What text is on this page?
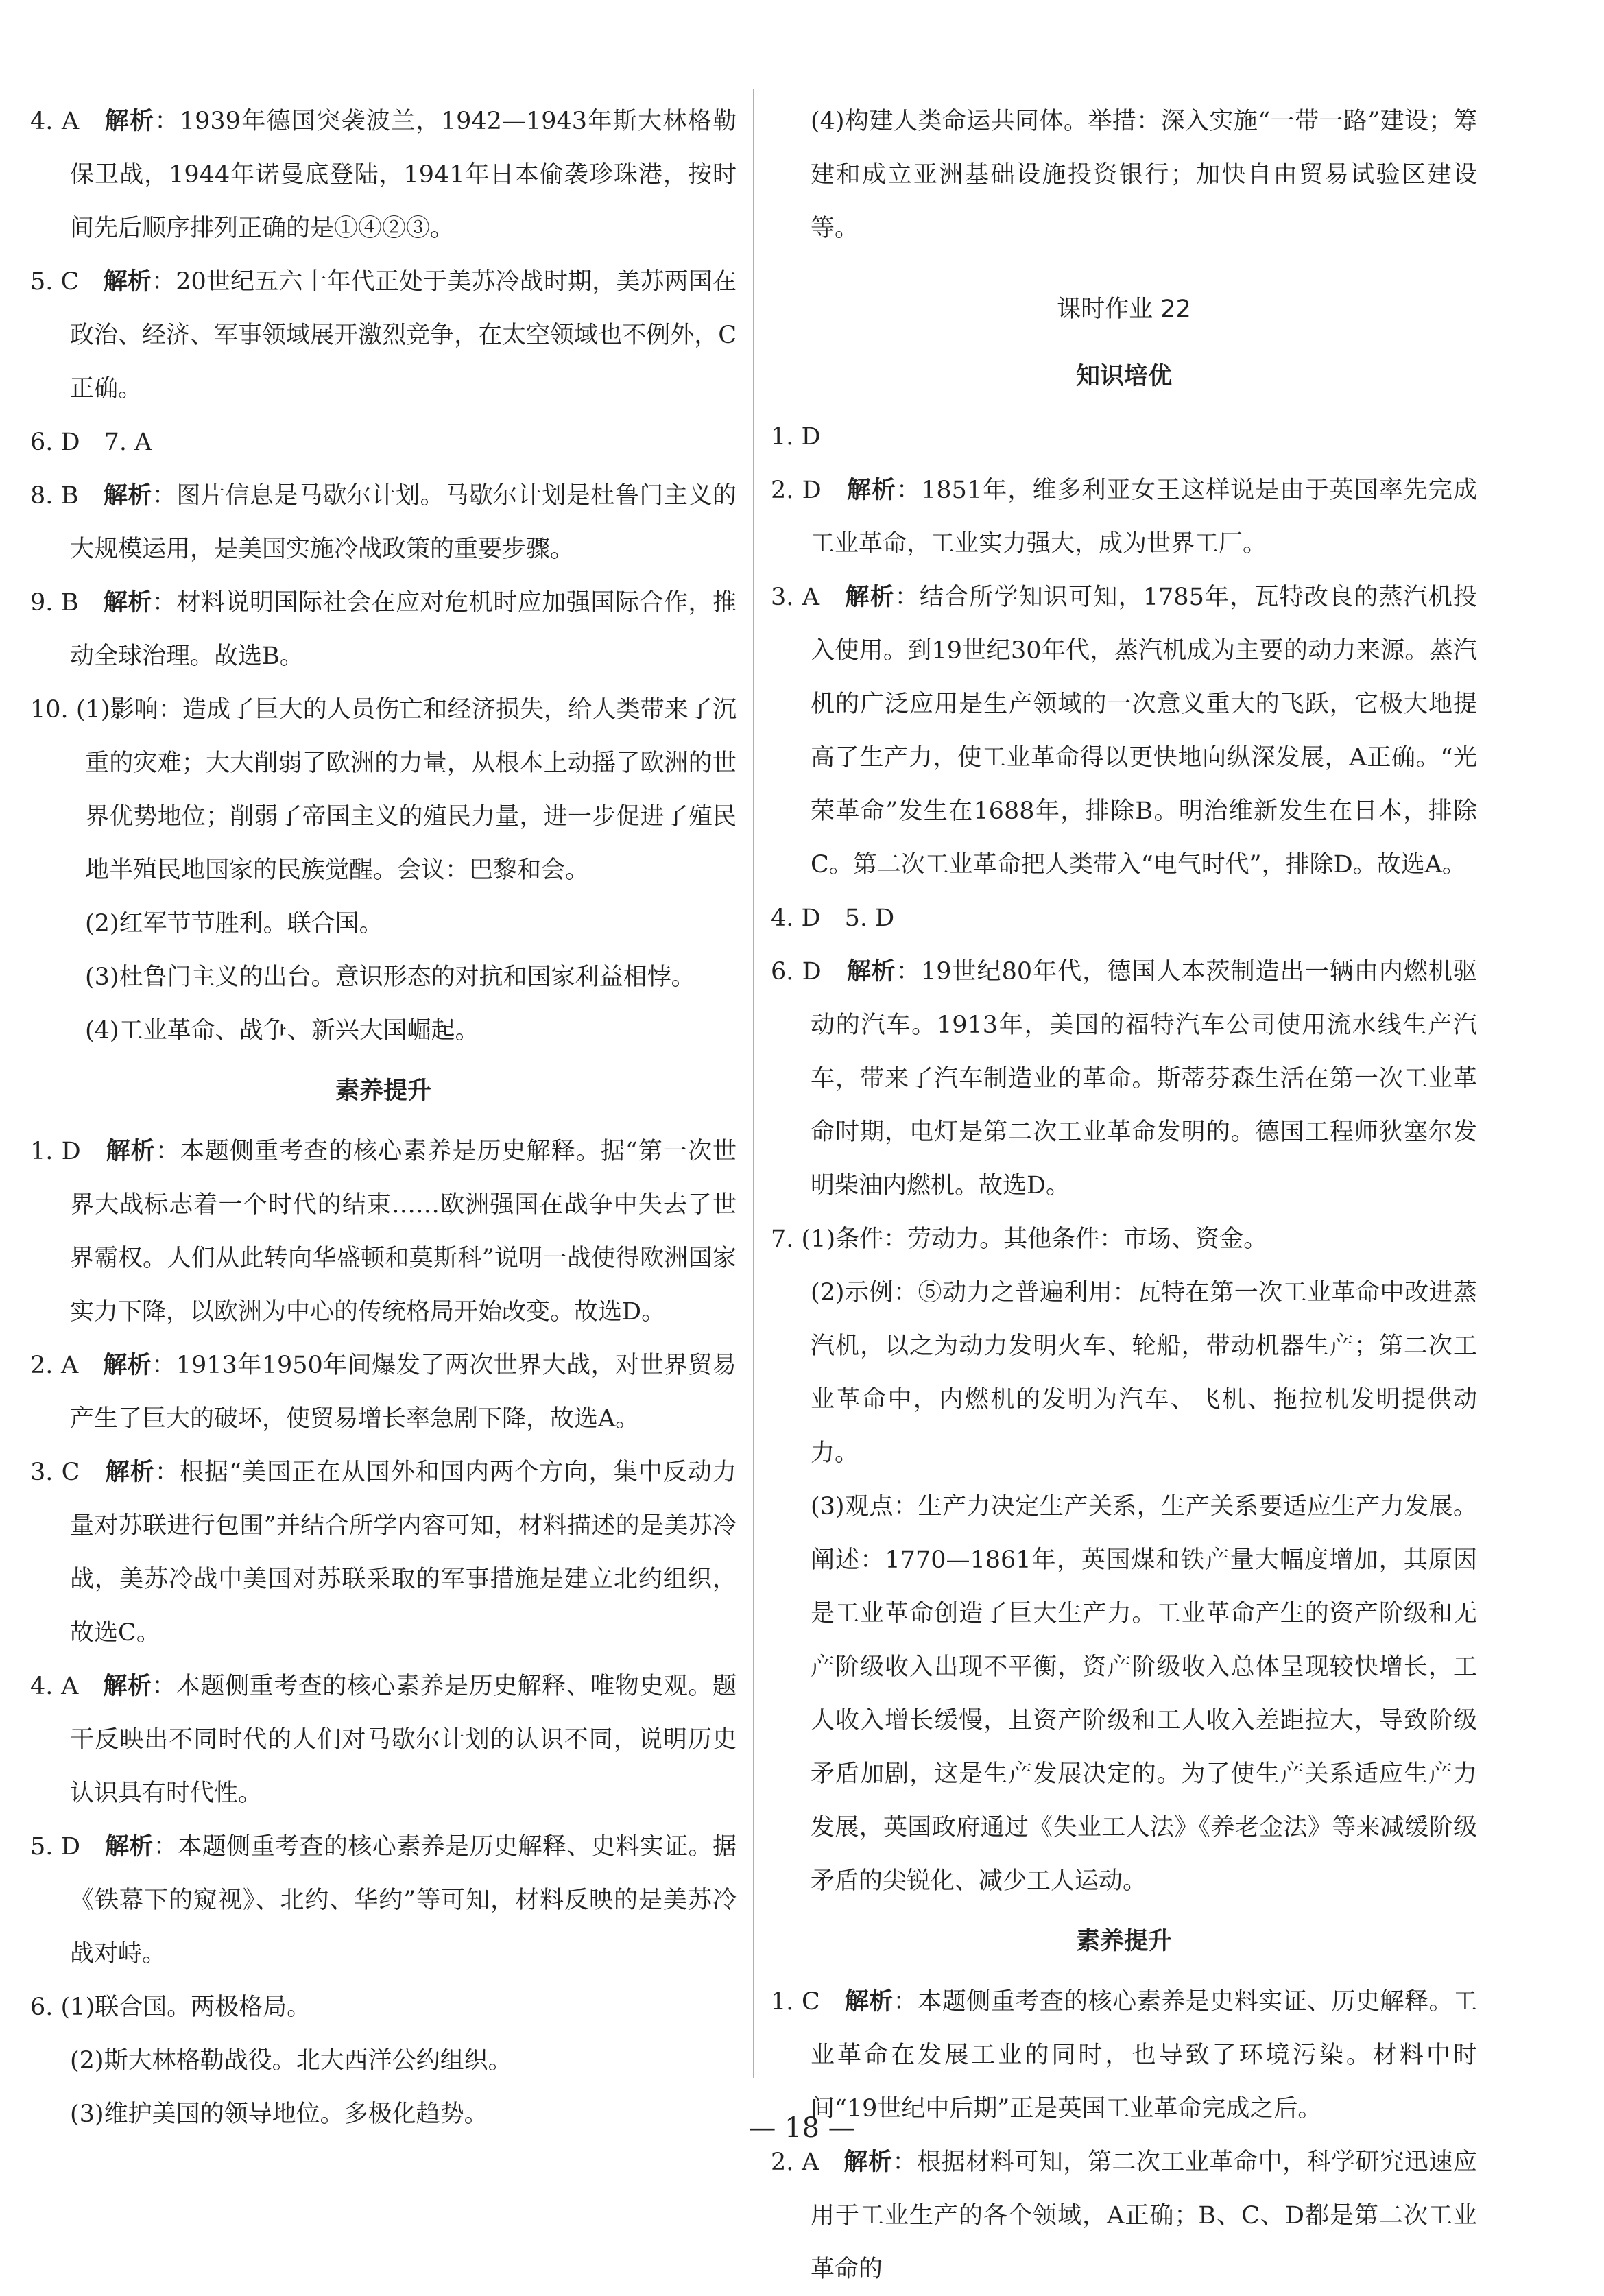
4. A　解析：1939年德国突袭波兰，1942—1943年斯大林格勒保卫战，1944年诺曼底登陆，1941年日本偷袭珍珠港，按时间先后顺序排列正确的是①④②③。

5. C　解析：20世纪五六十年代正处于美苏冷战时期，美苏两国在政治、经济、军事领域展开激烈竞争，在太空领域也不例外，C正确。

6. D　7. A

8. B　解析：图片信息是马歇尔计划。马歇尔计划是杜鲁门主义的大规模运用，是美国实施冷战政策的重要步骤。

9. B　解析：材料说明国际社会在应对危机时应加强国际合作，推动全球治理。故选B。

10. (1)影响：造成了巨大的人员伤亡和经济损失，给人类带来了沉重的灾难；大大削弱了欧洲的力量，从根本上动摇了欧洲的世界优势地位；削弱了帝国主义的殖民力量，进一步促进了殖民地半殖民地国家的民族觉醒。会议：巴黎和会。

(2)红军节节胜利。联合国。

(3)杜鲁门主义的出台。意识形态的对抗和国家利益相悖。

(4)工业革命、战争、新兴大国崛起。

素养提升

1. D　解析：本题侧重考查的核心素养是历史解释。据“第一次世界大战标志着一个时代的结束……欧洲强国在战争中失去了世界霸权。人们从此转向华盛顿和莫斯科”说明一战使得欧洲国家实力下降，以欧洲为中心的传统格局开始改变。故选D。

2. A　解析：1913年1950年间爆发了两次世界大战，对世界贸易产生了巨大的破坏，使贸易增长率急剧下降，故选A。

3. C　解析：根据“美国正在从国外和国内两个方向，集中反动力量对苏联进行包围”并结合所学内容可知，材料描述的是美苏冷战，美苏冷战中美国对苏联采取的军事措施是建立北约组织，故选C。

4. A　解析：本题侧重考查的核心素养是历史解释、唯物史观。题干反映出不同时代的人们对马歇尔计划的认识不同，说明历史认识具有时代性。

5. D　解析：本题侧重考查的核心素养是历史解释、史料实证。据《铁幕下的窥视》、北约、华约”等可知，材料反映的是美苏冷战对峙。

6. (1)联合国。两极格局。

(2)斯大林格勒战役。北大西洋公约组织。

(3)维护美国的领导地位。多极化趋势。

(4)构建人类命运共同体。举措：深入实施“一带一路”建设；筹建和成立亚洲基础设施投资银行；加快自由贸易试验区建设等。

课时作业 22

知识培优

1. D

2. D　解析：1851年，维多利亚女王这样说是由于英国率先完成工业革命，工业实力强大，成为世界工厂。

3. A　解析：结合所学知识可知，1785年，瓦特改良的蒸汽机投入使用。到19世纪30年代，蒸汽机成为主要的动力来源。蒸汽机的广泛应用是生产领域的一次意义重大的飞跃，它极大地提高了生产力，使工业革命得以更快地向纵深发展，A正确。“光荣革命”发生在1688年，排除B。明治维新发生在日本，排除C。第二次工业革命把人类带入“电气时代”，排除D。故选A。

4. D　5. D

6. D　解析：19世纪80年代，德国人本茨制造出一辆由内燃机驱动的汽车。1913年，美国的福特汽车公司使用流水线生产汽车，带来了汽车制造业的革命。斯蒂芬森生活在第一次工业革命时期，电灯是第二次工业革命发明的。德国工程师狄塞尔发明柴油内燃机。故选D。

7. (1)条件：劳动力。其他条件：市场、资金。

(2)示例：⑤动力之普遍利用：瓦特在第一次工业革命中改进蒸汽机，以之为动力发明火车、轮船，带动机器生产；第二次工业革命中，内燃机的发明为汽车、飞机、拖拉机发明提供动力。

(3)观点：生产力决定生产关系，生产关系要适应生产力发展。阐述：1770—1861年，英国煤和铁产量大幅度增加，其原因是工业革命创造了巨大生产力。工业革命产生的资产阶级和无产阶级收入出现不平衡，资产阶级收入总体呈现较快增长，工人收入增长缓慢，且资产阶级和工人收入差距拉大，导致阶级矛盾加剧，这是生产发展决定的。为了使生产关系适应生产力发展，英国政府通过《失业工人法》《养老金法》等来减缓阶级矛盾的尖锐化、减少工人运动。

素养提升

1. C　解析：本题侧重考查的核心素养是史料实证、历史解释。工业革命在发展工业的同时，也导致了环境污染。材料中时间“19世纪中后期”正是英国工业革命完成之后。

2. A　解析：根据材料可知，第二次工业革命中，科学研究迅速应用于工业生产的各个领域，A正确；B、C、D都是第二次工业革命的

— 18 —
